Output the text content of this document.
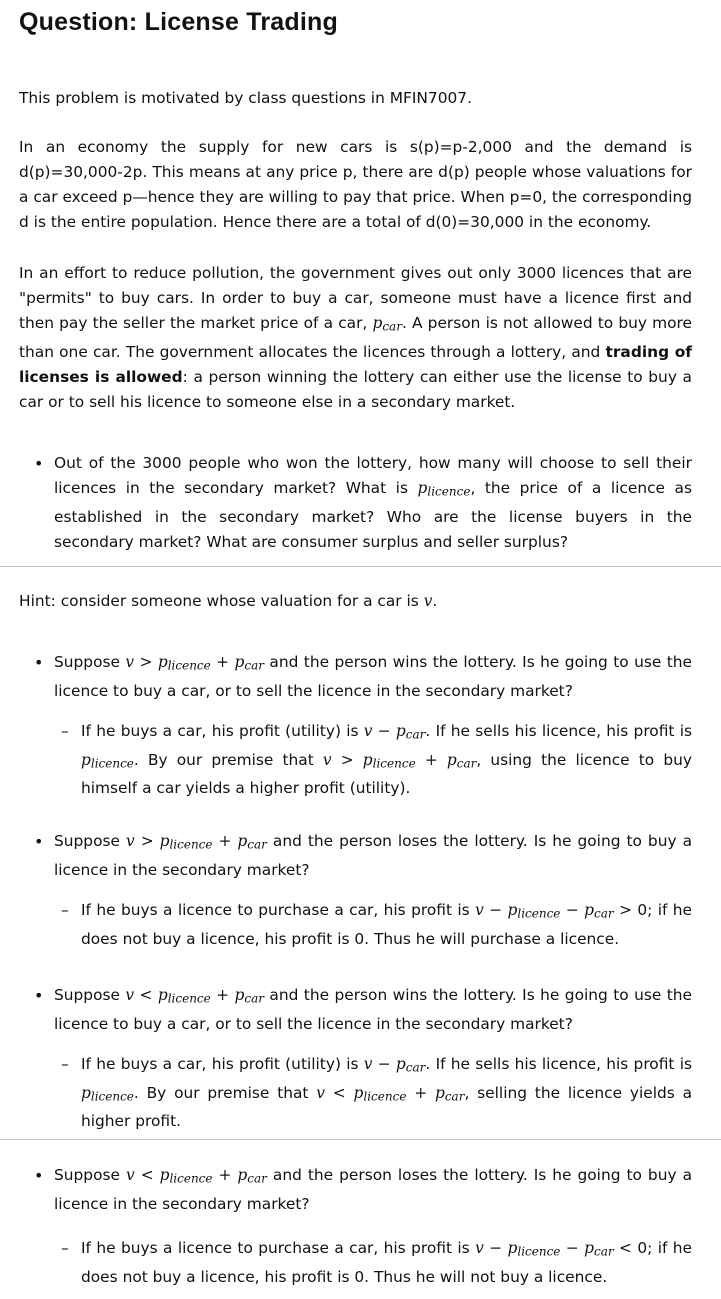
Question: License Trading

This problem is motivated by class questions in MFIN7007.

In an economy the supply for new cars is s(p)=p-2,000 and the demand is d(p)=30,000-2p. This means at any price p, there are d(p) people whose valuations for a car exceed p—hence they are willing to pay that price. When p=0, the corresponding d is the entire population. Hence there are a total of d(0)=30,000 in the economy.

In an effort to reduce pollution, the government gives out only 3000 licences that are "permits" to buy cars. In order to buy a car, someone must have a licence first and then pay the seller the market price of a car, pcar. A person is not allowed to buy more than one car. The government allocates the licences through a lottery, and trading of licenses is allowed: a person winning the lottery can either use the license to buy a car or to sell his licence to someone else in a secondary market.

• Out of the 3000 people who won the lottery, how many will choose to sell their licences in the secondary market? What is plicence, the price of a licence as established in the secondary market? Who are the license buyers in the secondary market? What are consumer surplus and seller surplus?

Hint: consider someone whose valuation for a car is v.

• Suppose v > plicence + pcar and the person wins the lottery. Is he going to use the licence to buy a car, or to sell the licence in the secondary market?

– If he buys a car, his profit (utility) is v − pcar. If he sells his licence, his profit is plicence. By our premise that v > plicence + pcar, using the licence to buy himself a car yields a higher profit (utility).

• Suppose v > plicence + pcar and the person loses the lottery. Is he going to buy a licence in the secondary market?

– If he buys a licence to purchase a car, his profit is v − plicence − pcar > 0; if he does not buy a licence, his profit is 0. Thus he will purchase a licence.

• Suppose v < plicence + pcar and the person wins the lottery. Is he going to use the licence to buy a car, or to sell the licence in the secondary market?

– If he buys a car, his profit (utility) is v − pcar. If he sells his licence, his profit is plicence. By our premise that v < plicence + pcar, selling the licence yields a higher profit.

• Suppose v < plicence + pcar and the person loses the lottery. Is he going to buy a licence in the secondary market?

– If he buys a licence to purchase a car, his profit is v − plicence − pcar < 0; if he does not buy a licence, his profit is 0. Thus he will not buy a licence.
